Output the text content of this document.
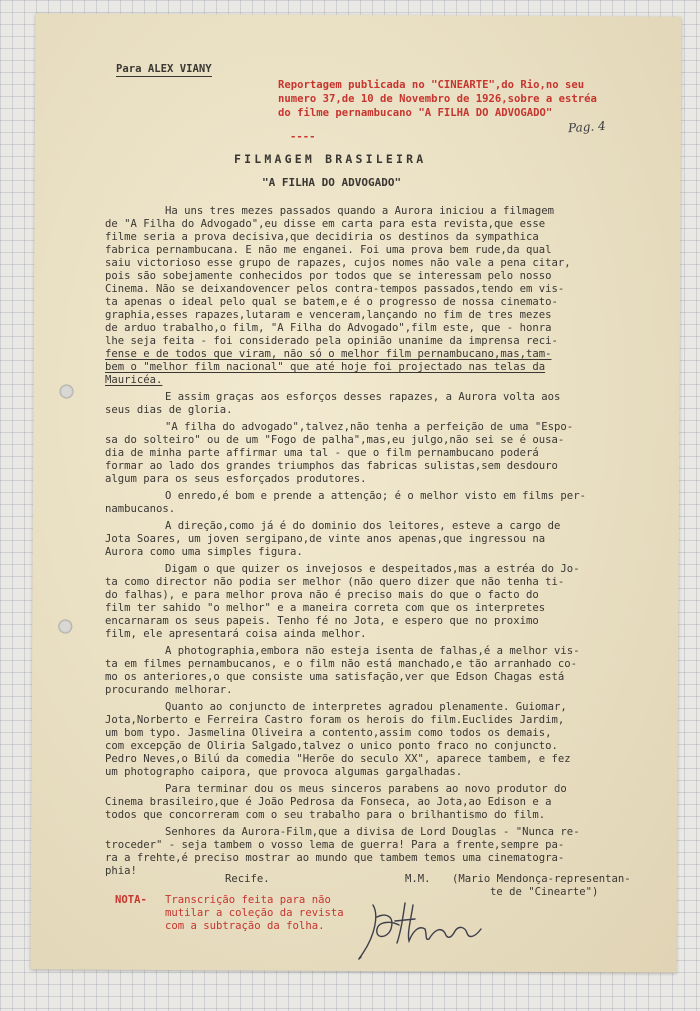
Para ALEX VIANY
Reportagem publicada no "CINEARTE",do Rio,no seu
numero 37,de 10 de Novembro de 1926,sobre a estréa
do filme pernambucano "A FILHA DO ADVOGADO"
Pag. 4
----
FILMAGEM BRASILEIRA
"A FILHA DO ADVOGADO"
Ha uns tres mezes passados quando a Aurora iniciou a filmagem
de "A Filha do Advogado",eu disse em carta para esta revista,que esse
filme seria a prova decisiva,que decidiria os destinos da sympathica
fabrica pernambucana. E não me enganei. Foi uma prova bem rude,da qual
saiu victorioso esse grupo de rapazes, cujos nomes não vale a pena citar,
pois são sobejamente conhecidos por todos que se interessam pelo nosso
Cinema. Não se deixandovencer pelos contra-tempos passados,tendo em vis-
ta apenas o ideal pelo qual se batem,e é o progresso de nossa cinemato-
graphia,esses rapazes,lutaram e venceram,lançando no fim de tres mezes
de arduo trabalho,o film, "A Filha do Advogado",film este, que - honra
lhe seja feita - foi considerado pela opinião unanime da imprensa reci-
fense e de todos que viram, não só o melhor film pernambucano,mas,tam-
bem o "melhor film nacional" que até hoje foi projectado nas telas da
Mauricéa.
E assim graças aos esforços desses rapazes, a Aurora volta aos
seus dias de gloria.
"A filha do advogado",talvez,não tenha a perfeição de uma "Espo-
sa do solteiro" ou de um "Fogo de palha",mas,eu julgo,não sei se é ousa-
dia de minha parte affirmar uma tal - que o film pernambucano poderá
formar ao lado dos grandes triumphos das fabricas sulistas,sem desdouro
algum para os seus esforçados produtores.
O enredo,é bom e prende a attenção; é o melhor visto em films per-
nambucanos.
A direção,como já é do dominio dos leitores, esteve a cargo de
Jota Soares, um joven sergipano,de vinte anos apenas,que ingressou na
Aurora como uma simples figura.
Digam o que quizer os invejosos e despeitados,mas a estréa do Jo-
ta como director não podia ser melhor (não quero dizer que não tenha ti-
do falhas), e para melhor prova não é preciso mais do que o facto do
film ter sahido "o melhor" e a maneira correta com que os interpretes
encarnaram os seus papeis. Tenho fé no Jota, e espero que no proximo
film, ele apresentará coisa ainda melhor.
A photographia,embora não esteja isenta de falhas,é a melhor vis-
ta em filmes pernambucanos, e o film não está manchado,e tão arranhado co-
mo os anteriores,o que consiste uma satisfação,ver que Edson Chagas está
procurando melhorar.
Quanto ao conjuncto de interpretes agradou plenamente. Guiomar,
Jota,Norberto e Ferreira Castro foram os herois do film.Euclides Jardim,
um bom typo. Jasmelina Oliveira a contento,assim como todos os demais,
com excepção de Oliria Salgado,talvez o unico ponto fraco no conjuncto.
Pedro Neves,o Bilú da comedia "Herõe do seculo XX", aparece tambem, e fez
um photographo caipora, que provoca algumas gargalhadas.
Para terminar dou os meus sinceros parabens ao novo produtor do
Cinema brasileiro,que é João Pedrosa da Fonseca, ao Jota,ao Edison e a
todos que concorreram com o seu trabalho para o brilhantismo do film.
Senhores da Aurora-Film,que a divisa de Lord Douglas - "Nunca re-
troceder" - seja tambem o vosso lema de guerra! Para a frente,sempre pa-
ra a frehte,é preciso mostrar ao mundo que tambem temos uma cinematogra-
phia!
Recife.	M.M. (Mario Mendonça-representan-
te de "Cinearte")
NOTA- Transcrição feita para não
mutilar a coleção da revista
com a subtração da folha.
